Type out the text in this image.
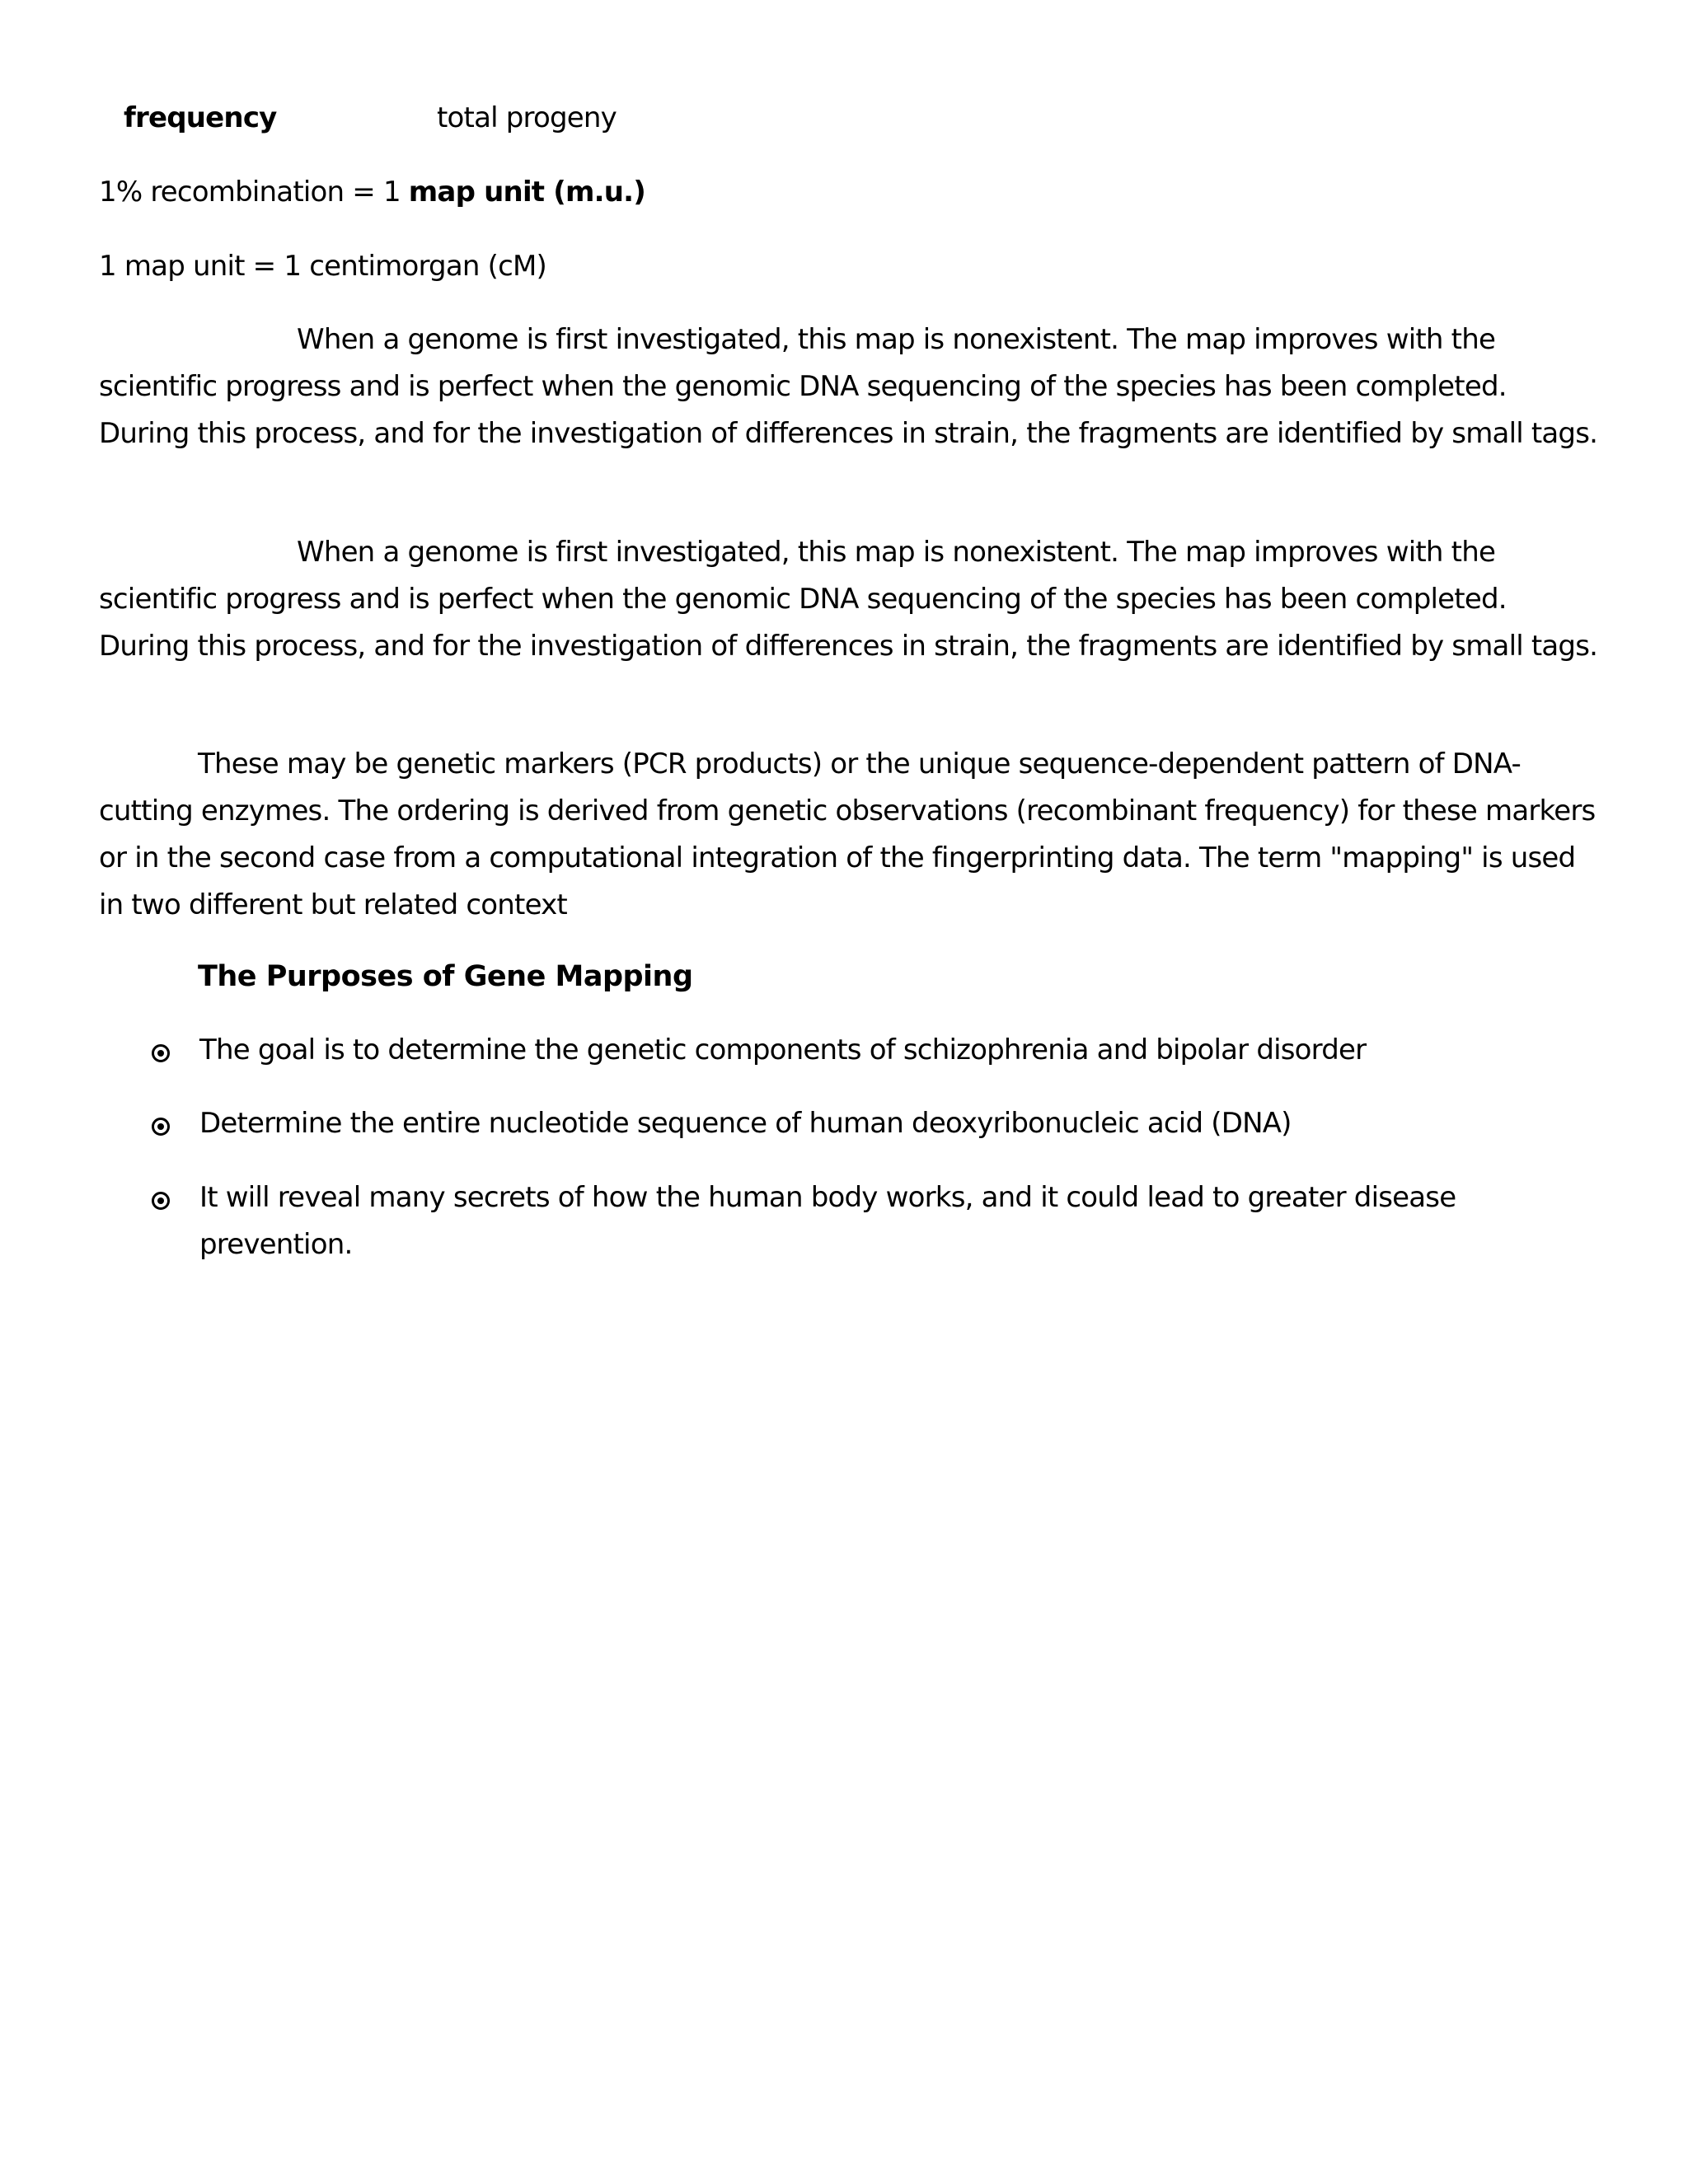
frequency	total progeny
1% recombination = 1 map unit (m.u.)
1 map unit = 1 centimorgan (cM)
When a genome is first investigated, this map is nonexistent. The map improves with the
scientific progress and is perfect when the genomic DNA sequencing of the species has been completed.
During this process, and for the investigation of differences in strain, the fragments are identified by small tags.
When a genome is first investigated, this map is nonexistent. The map improves with the
scientific progress and is perfect when the genomic DNA sequencing of the species has been completed.
During this process, and for the investigation of differences in strain, the fragments are identified by small tags.
These may be genetic markers (PCR products) or the unique sequence-dependent pattern of DNA-
cutting enzymes. The ordering is derived from genetic observations (recombinant frequency) for these markers
or in the second case from a computational integration of the fingerprinting data. The term "mapping" is used
in two different but related context
The Purposes of Gene Mapping
The goal is to determine the genetic components of schizophrenia and bipolar disorder
Determine the entire nucleotide sequence of human deoxyribonucleic acid (DNA)
It will reveal many secrets of how the human body works, and it could lead to greater disease
prevention.
